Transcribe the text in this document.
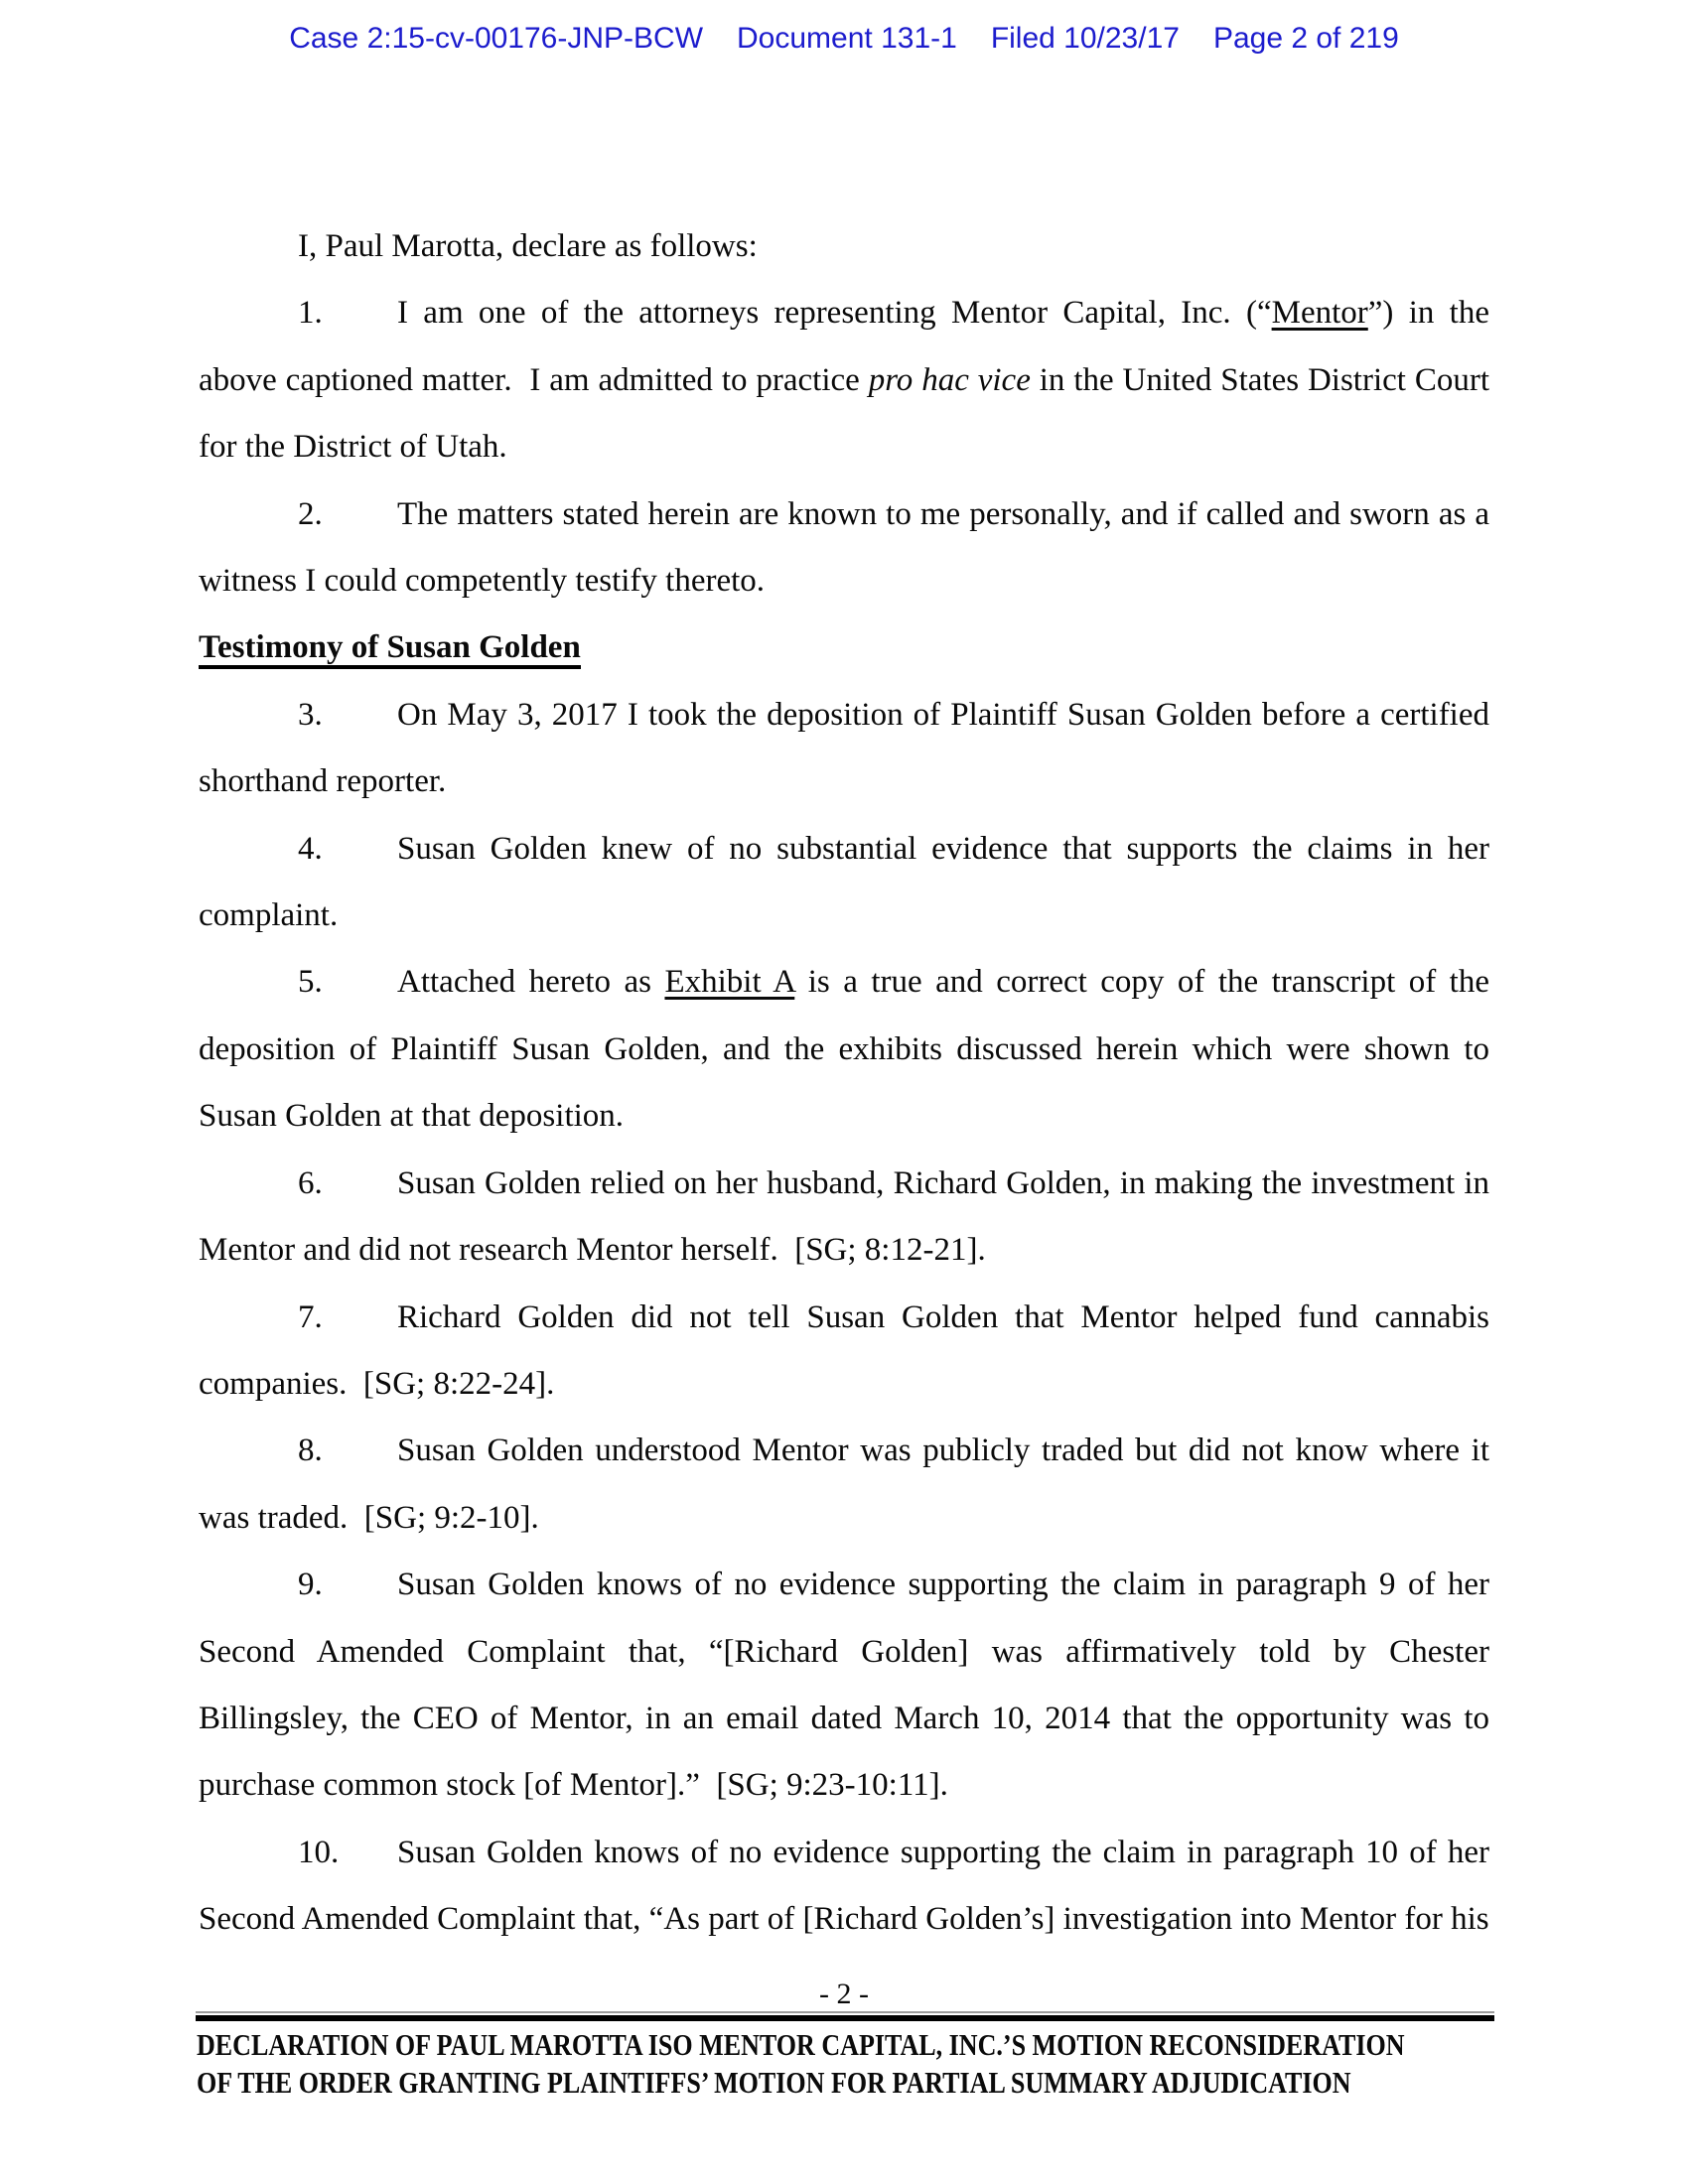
Case 2:15-cv-00176-JNP-BCW Document 131-1 Filed 10/23/17 Page 2 of 219

I, Paul Marotta, declare as follows:

1. I am one of the attorneys representing Mentor Capital, Inc. (“Mentor”) in the above captioned matter.  I am admitted to practice pro hac vice in the United States District Court for the District of Utah.

2. The matters stated herein are known to me personally, and if called and sworn as a witness I could competently testify thereto.

Testimony of Susan Golden

3. On May 3, 2017 I took the deposition of Plaintiff Susan Golden before a certified shorthand reporter.

4. Susan Golden knew of no substantial evidence that supports the claims in her complaint.

5. Attached hereto as Exhibit A is a true and correct copy of the transcript of the deposition of Plaintiff Susan Golden, and the exhibits discussed herein which were shown to Susan Golden at that deposition.

6. Susan Golden relied on her husband, Richard Golden, in making the investment in Mentor and did not research Mentor herself.  [SG; 8:12-21].

7. Richard Golden did not tell Susan Golden that Mentor helped fund cannabis companies.  [SG; 8:22-24].

8. Susan Golden understood Mentor was publicly traded but did not know where it was traded.  [SG; 9:2-10].

9. Susan Golden knows of no evidence supporting the claim in paragraph 9 of her Second Amended Complaint that, “[Richard Golden] was affirmatively told by Chester Billingsley, the CEO of Mentor, in an email dated March 10, 2014 that the opportunity was to purchase common stock [of Mentor].”  [SG; 9:23-10:11].

10. Susan Golden knows of no evidence supporting the claim in paragraph 10 of her Second Amended Complaint that, “As part of [Richard Golden’s] investigation into Mentor for his

- 2 -
DECLARATION OF PAUL MAROTTA ISO MENTOR CAPITAL, INC.’S MOTION RECONSIDERATION
OF THE ORDER GRANTING PLAINTIFFS’ MOTION FOR PARTIAL SUMMARY ADJUDICATION
